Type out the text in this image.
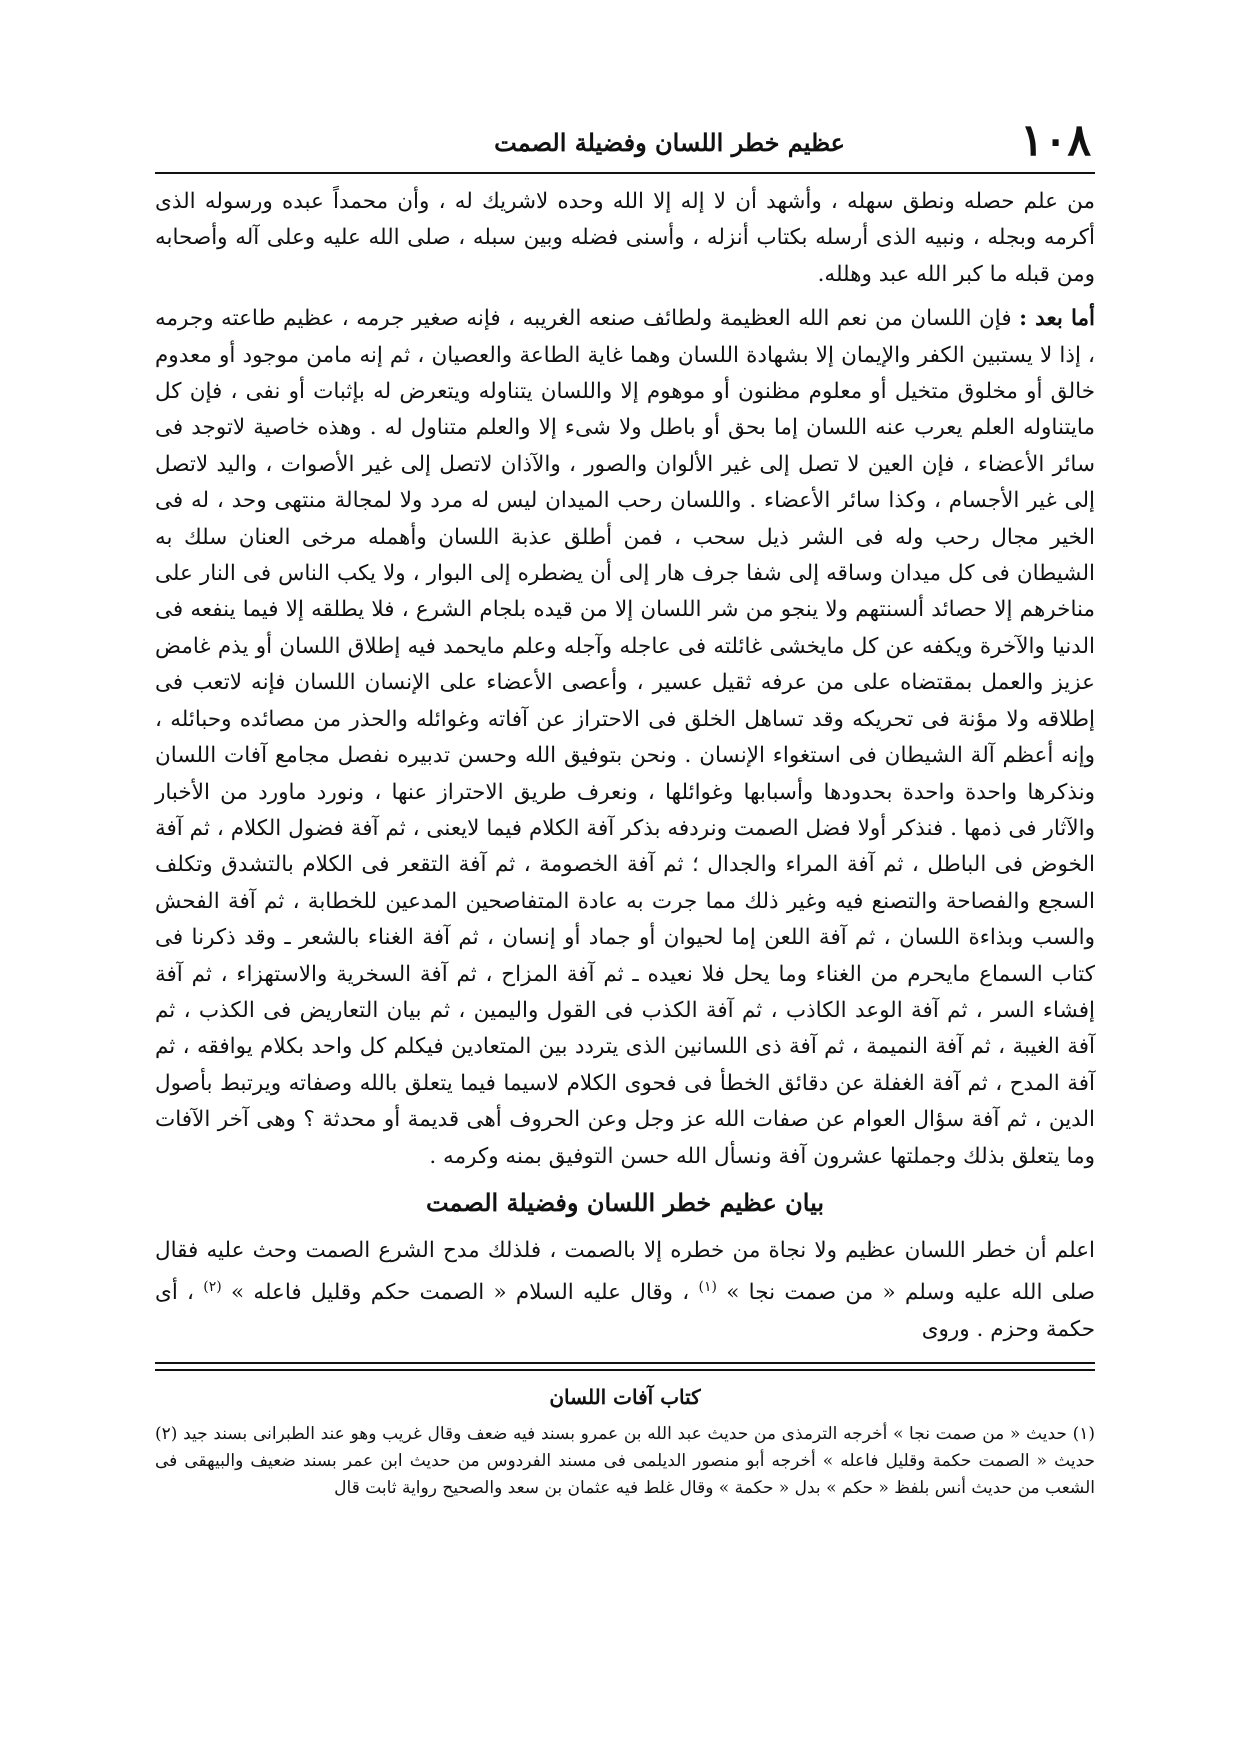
١٠٨
عظيم خطر اللسان وفضيلة الصمت

من علم حصله ونطق سهله ، وأشهد أن لا إله إلا الله وحده لاشريك له ، وأن محمداً عبده ورسوله الذى أكرمه وبجله ، ونبيه الذى أرسله بكتاب أنزله ، وأسنى فضله وبين سبله ، صلى الله عليه وعلى آله وأصحابه ومن قبله ما كبر الله عبد وهلله.

أما بعد : فإن اللسان من نعم الله العظيمة ولطائف صنعه الغريبه ، فإنه صغير جرمه ، عظيم طاعته وجرمه ، إذا لا يستبين الكفر والإيمان إلا بشهادة اللسان وهما غاية الطاعة والعصيان ، ثم إنه مامن موجود أو معدوم خالق أو مخلوق متخيل أو معلوم مظنون أو موهوم إلا واللسان يتناوله ويتعرض له بإثبات أو نفى ، فإن كل مايتناوله العلم يعرب عنه اللسان إما بحق أو باطل ولا شىء إلا والعلم متناول له . وهذه خاصية لاتوجد فى سائر الأعضاء ، فإن العين لا تصل إلى غير الألوان والصور ، والآذان لاتصل إلى غير الأصوات ، واليد لاتصل إلى غير الأجسام ، وكذا سائر الأعضاء . واللسان رحب الميدان ليس له مرد ولا لمجالة منتهى وحد ، له فى الخير مجال رحب وله فى الشر ذيل سحب ، فمن أطلق عذبة اللسان وأهمله مرخى العنان سلك به الشيطان فى كل ميدان وساقه إلى شفا جرف هار إلى أن يضطره إلى البوار ، ولا يكب الناس فى النار على مناخرهم إلا حصائد ألسنتهم ولا ينجو من شر اللسان إلا من قيده بلجام الشرع ، فلا يطلقه إلا فيما ينفعه فى الدنيا والآخرة ويكفه عن كل مايخشى غائلته فى عاجله وآجله وعلم مايحمد فيه إطلاق اللسان أو يذم غامض عزيز والعمل بمقتضاه على من عرفه ثقيل عسير ، وأعصى الأعضاء على الإنسان اللسان فإنه لاتعب فى إطلاقه ولا مؤنة فى تحريكه وقد تساهل الخلق فى الاحتراز عن آفاته وغوائله والحذر من مصائده وحبائله ، وإنه أعظم آلة الشيطان فى استغواء الإنسان . ونحن بتوفيق الله وحسن تدبيره نفصل مجامع آفات اللسان ونذكرها واحدة واحدة بحدودها وأسبابها وغوائلها ، ونعرف طريق الاحتراز عنها ، ونورد ماورد من الأخبار والآثار فى ذمها . فنذكر أولا فضل الصمت ونردفه بذكر آفة الكلام فيما لايعنى ، ثم آفة فضول الكلام ، ثم آفة الخوض فى الباطل ، ثم آفة المراء والجدال ؛ ثم آفة الخصومة ، ثم آفة التقعر فى الكلام بالتشدق وتكلف السجع والفصاحة والتصنع فيه وغير ذلك مما جرت به عادة المتفاصحين المدعين للخطابة ، ثم آفة الفحش والسب وبذاءة اللسان ، ثم آفة اللعن إما لحيوان أو جماد أو إنسان ، ثم آفة الغناء بالشعر ـ وقد ذكرنا فى كتاب السماع مايحرم من الغناء وما يحل فلا نعيده ـ ثم آفة المزاح ، ثم آفة السخرية والاستهزاء ، ثم آفة إفشاء السر ، ثم آفة الوعد الكاذب ، ثم آفة الكذب فى القول واليمين ، ثم بيان التعاريض فى الكذب ، ثم آفة الغيبة ، ثم آفة النميمة ، ثم آفة ذى اللسانين الذى يتردد بين المتعادين فيكلم كل واحد بكلام يوافقه ، ثم آفة المدح ، ثم آفة الغفلة عن دقائق الخطأ فى فحوى الكلام لاسيما فيما يتعلق بالله وصفاته ويرتبط بأصول الدين ، ثم آفة سؤال العوام عن صفات الله عز وجل وعن الحروف أهى قديمة أو محدثة ؟ وهى آخر الآفات وما يتعلق بذلك وجملتها عشرون آفة ونسأل الله حسن التوفيق بمنه وكرمه .

بيان عظيم خطر اللسان وفضيلة الصمت

اعلم أن خطر اللسان عظيم ولا نجاة من خطره إلا بالصمت ، فلذلك مدح الشرع الصمت وحث عليه فقال صلى الله عليه وسلم « من صمت نجا » $^{(١)}$ ، وقال عليه السلام « الصمت حكم وقليل فاعله » $^{(٢)}$ ، أى حكمة وحزم . وروى

كتاب آفات اللسان
(١) حديث « من صمت نجا » أخرجه الترمذى من حديث عبد الله بن عمرو بسند فيه ضعف وقال غريب وهو عند الطبرانى بسند جيد (٢) حديث « الصمت حكمة وقليل فاعله » أخرجه أبو منصور الديلمى فى مسند الفردوس من حديث ابن عمر بسند ضعيف والبيهقى فى الشعب من حديث أنس بلفظ « حكم » بدل « حكمة » وقال غلط فيه عثمان بن سعد والصحيح رواية ثابت قال
